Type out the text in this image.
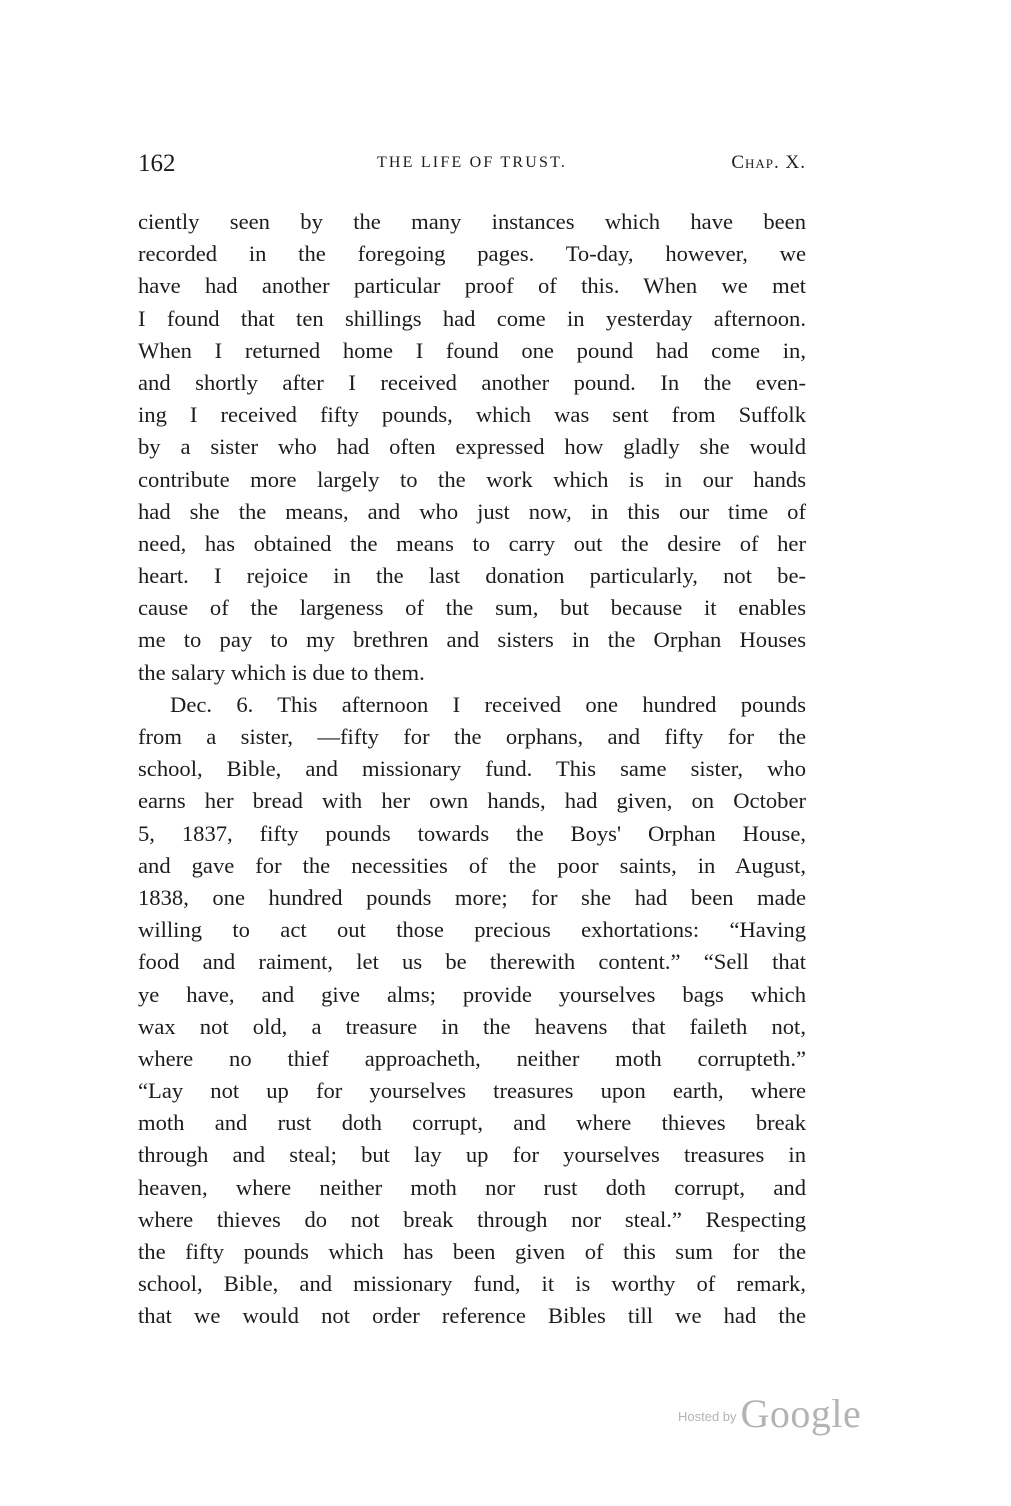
162	THE LIFE OF TRUST.	Chap. X.
ciently seen by the many instances which have been
recorded in the foregoing pages. To-day, however, we
have had another particular proof of this. When we met
I found that ten shillings had come in yesterday afternoon.
When I returned home I found one pound had come in,
and shortly after I received another pound. In the even-
ing I received fifty pounds, which was sent from Suffolk
by a sister who had often expressed how gladly she would
contribute more largely to the work which is in our hands
had she the means, and who just now, in this our time of
need, has obtained the means to carry out the desire of her
heart. I rejoice in the last donation particularly, not be-
cause of the largeness of the sum, but because it enables
me to pay to my brethren and sisters in the Orphan Houses
the salary which is due to them.
Dec. 6. This afternoon I received one hundred pounds
from a sister, —fifty for the orphans, and fifty for the
school, Bible, and missionary fund. This same sister, who
earns her bread with her own hands, had given, on October
5, 1837, fifty pounds towards the Boys' Orphan House,
and gave for the necessities of the poor saints, in August,
1838, one hundred pounds more; for she had been made
willing to act out those precious exhortations: “Having
food and raiment, let us be therewith content.” “Sell that
ye have, and give alms; provide yourselves bags which
wax not old, a treasure in the heavens that faileth not,
where no thief approacheth, neither moth corrupteth.”
“Lay not up for yourselves treasures upon earth, where
moth and rust doth corrupt, and where thieves break
through and steal; but lay up for yourselves treasures in
heaven, where neither moth nor rust doth corrupt, and
where thieves do not break through nor steal.” Respecting
the fifty pounds which has been given of this sum for the
school, Bible, and missionary fund, it is worthy of remark,
that we would not order reference Bibles till we had the
$^{Hosted by}$ Google
